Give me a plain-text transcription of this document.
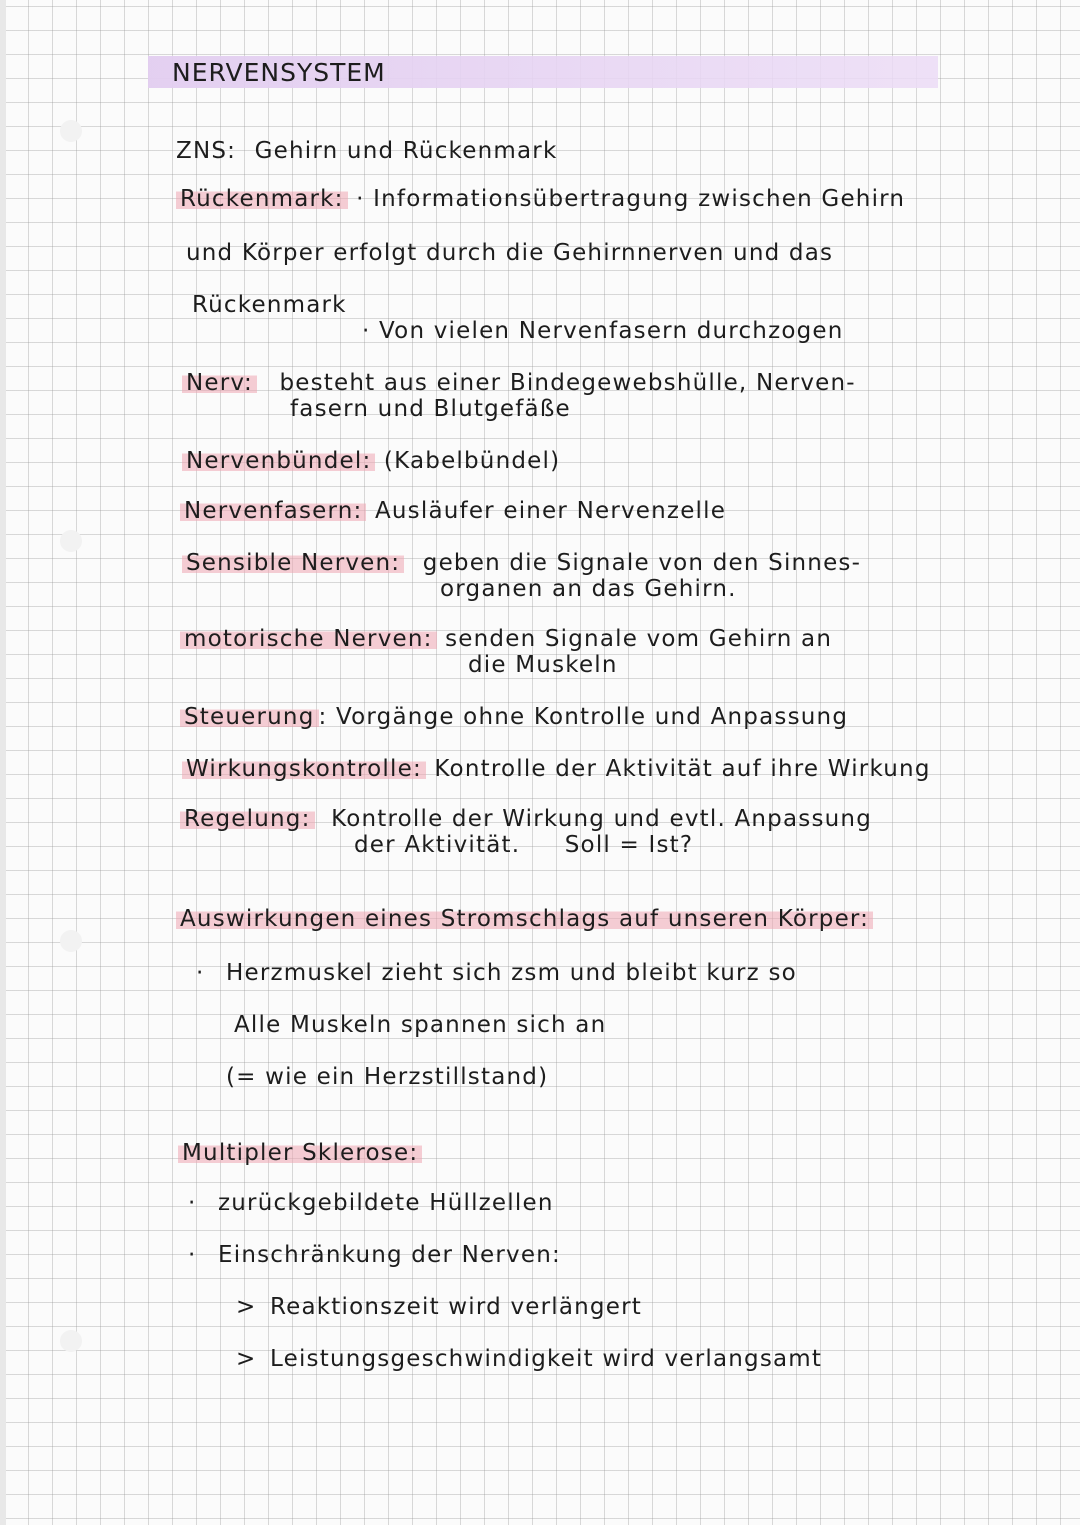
NERVENSYSTEM
ZNS: Gehirn und Rückenmark
Rückenmark: · Informationsübertragung zwischen Gehirn
und Körper erfolgt durch die Gehirnnerven und das
Rückenmark
· Von vielen Nervenfasern durchzogen
Nerv: besteht aus einer Bindegewebshülle, Nerven-
fasern und Blutgefäße
Nervenbündel: (Kabelbündel)
Nervenfasern: Ausläufer einer Nervenzelle
Sensible Nerven: geben die Signale von den Sinnes-
organen an das Gehirn.
motorische Nerven: senden Signale vom Gehirn an
die Muskeln
Steuerung : Vorgänge ohne Kontrolle und Anpassung
Wirkungskontrolle: Kontrolle der Aktivität auf ihre Wirkung
Regelung: Kontrolle der Wirkung und evtl. Anpassung
der Aktivität. Soll = Ist?
Auswirkungen eines Stromschlags auf unseren Körper:
· Herzmuskel zieht sich zsm und bleibt kurz so
Alle Muskeln spannen sich an
(= wie ein Herzstillstand)
Multipler Sklerose:
· zurückgebildete Hüllzellen
· Einschränkung der Nerven:
> Reaktionszeit wird verlängert
> Leistungsgeschwindigkeit wird verlangsamt
